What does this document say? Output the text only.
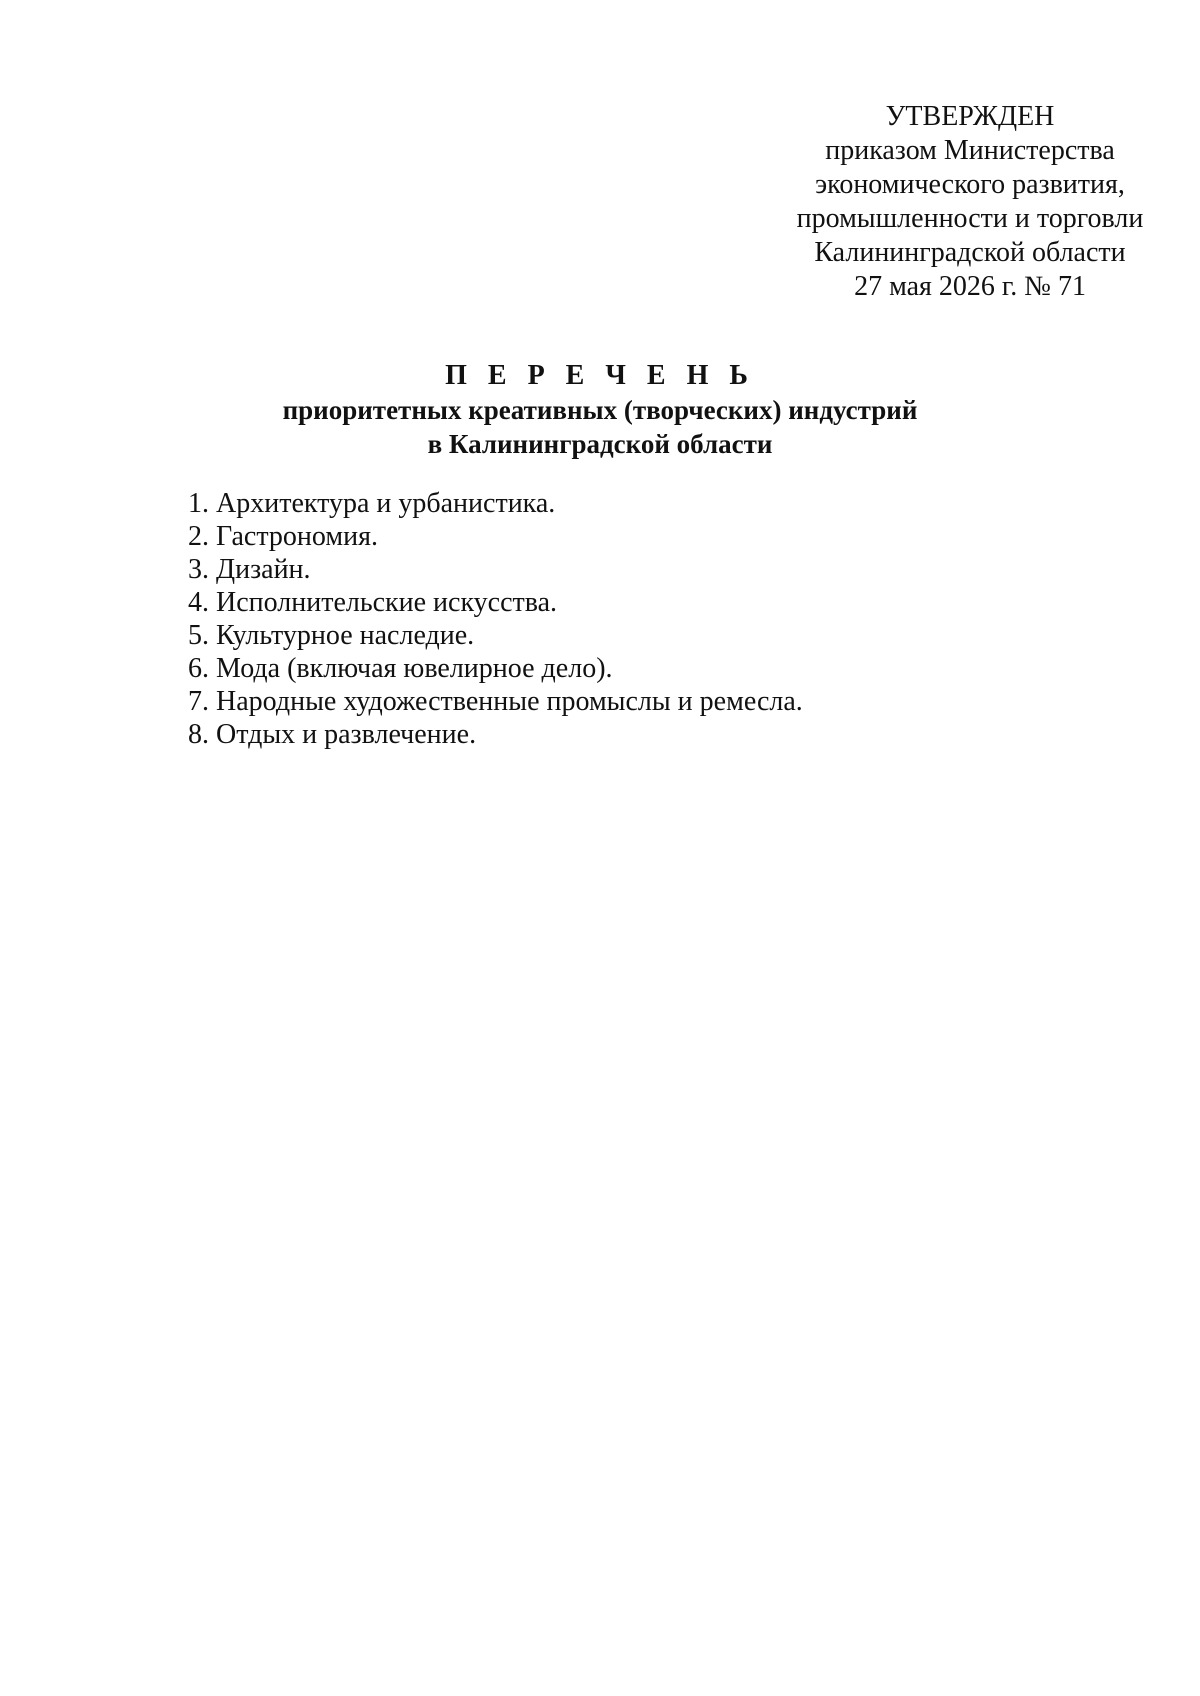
УТВЕРЖДЕН
приказом Министерства
экономического развития,
промышленности и торговли
Калининградской области
27 мая 2026 г. № 71
П Е Р Е Ч Е Н Ь
приоритетных креативных (творческих) индустрий
в Калининградской области
1. Архитектура и урбанистика.
2. Гастрономия.
3. Дизайн.
4. Исполнительские искусства.
5. Культурное наследие.
6. Мода (включая ювелирное дело).
7. Народные художественные промыслы и ремесла.
8. Отдых и развлечение.
